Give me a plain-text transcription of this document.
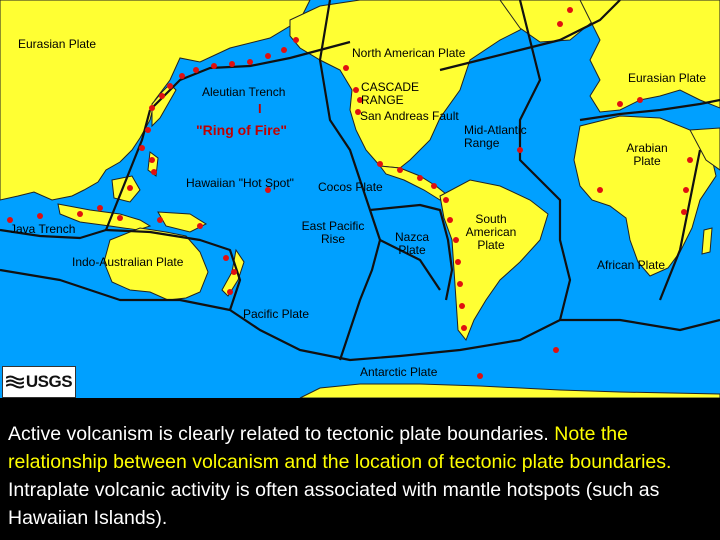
Eurasian Plate
North American Plate
Aleutian Trench
I
"Ring of Fire"
CASCADE
RANGE
San Andreas Fault
Eurasian Plate
Mid-Atlantic Range	Arabian Plate
Hawaiian "Hot Spot" Cocos Plate
East Pacific Rise	Nazca Plate
South American Plate
Java Trench
Indo-Australian Plate	African Plate
Pacific Plate
Antarctic Plate
USGS

Active volcanism is clearly related to tectonic plate boundaries. Note the relationship between volcanism and the location of tectonic plate boundaries.  Intraplate volcanic activity is often associated with mantle hotspots (such as Hawaiian Islands).
